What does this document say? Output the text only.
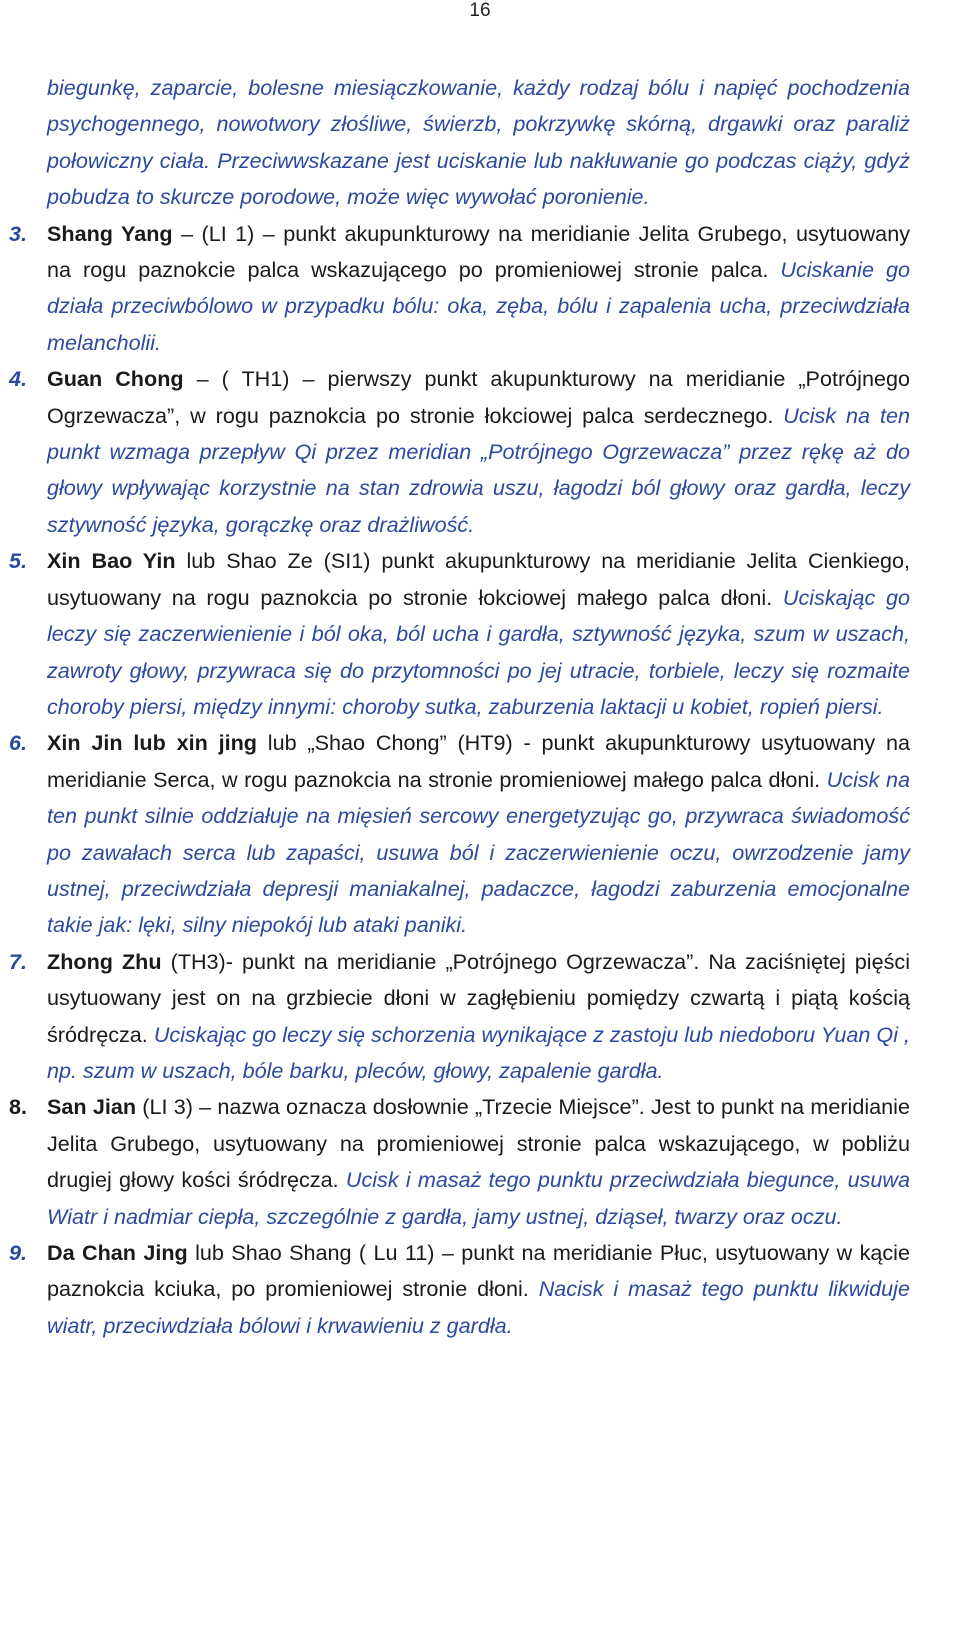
16

biegunkę, zaparcie, bolesne miesiączkowanie, każdy rodzaj bólu i napięć pochodzenia psychogennego, nowotwory złośliwe, świerzb, pokrzywkę skórną, drgawki oraz paraliż połowiczny ciała. Przeciwwskazane jest uciskanie lub nakłuwanie go podczas ciąży, gdyż pobudza to skurcze porodowe, może więc wywołać poronienie.

3. Shang Yang – (LI 1) – punkt akupunkturowy na meridianie Jelita Grubego, usytuowany na rogu paznokcie palca wskazującego po promieniowej stronie palca. Uciskanie go działa przeciwbólowo w przypadku bólu: oka, zęba, bólu i zapalenia ucha, przeciwdziała melancholii.

4. Guan Chong – ( TH1) – pierwszy punkt akupunkturowy na meridianie „Potrójnego Ogrzewacza”, w rogu paznokcia po stronie łokciowej palca serdecznego. Ucisk na ten punkt wzmaga przepływ Qi przez meridian „Potrójnego Ogrzewacza” przez rękę aż do głowy wpływając korzystnie na stan zdrowia uszu, łagodzi ból głowy oraz gardła, leczy sztywność języka, gorączkę oraz drażliwość.

5. Xin Bao Yin lub Shao Ze (SI1) punkt akupunkturowy na meridianie Jelita Cienkiego, usytuowany na rogu paznokcia po stronie łokciowej małego palca dłoni. Uciskając go leczy się zaczerwienienie i ból oka, ból ucha i gardła, sztywność języka, szum w uszach, zawroty głowy, przywraca się do przytomności po jej utracie, torbiele, leczy się rozmaite choroby piersi, między innymi: choroby sutka, zaburzenia laktacji u kobiet, ropień piersi.

6. Xin Jin lub xin jing lub „Shao Chong” (HT9) - punkt akupunkturowy usytuowany na meridianie Serca, w rogu paznokcia na stronie promieniowej małego palca dłoni. Ucisk na ten punkt silnie oddziałuje na mięsień sercowy energetyzując go, przywraca świadomość po zawałach serca lub zapaści, usuwa ból i zaczerwienienie oczu, owrzodzenie jamy ustnej, przeciwdziała depresji maniakalnej, padaczce, łagodzi zaburzenia emocjonalne takie jak: lęki, silny niepokój lub ataki paniki.

7. Zhong Zhu (TH3)- punkt na meridianie „Potrójnego Ogrzewacza”. Na zaciśniętej pięści usytuowany jest on na grzbiecie dłoni w zagłębieniu pomiędzy czwartą i piątą kością śródręcza. Uciskając go leczy się schorzenia wynikające z zastoju lub niedoboru Yuan Qi , np. szum w uszach, bóle barku, pleców, głowy, zapalenie gardła.

8. San Jian (LI 3) – nazwa oznacza dosłownie „Trzecie Miejsce”. Jest to punkt na meridianie Jelita Grubego, usytuowany na promieniowej stronie palca wskazującego, w pobliżu drugiej głowy kości śródręcza. Ucisk i masaż tego punktu przeciwdziała biegunce, usuwa Wiatr i nadmiar ciepła, szczególnie z gardła, jamy ustnej, dziąseł, twarzy oraz oczu.

9. Da Chan Jing lub Shao Shang ( Lu 11) – punkt na meridianie Płuc, usytuowany w kącie paznokcia kciuka, po promieniowej stronie dłoni. Nacisk i masaż tego punktu likwiduje wiatr, przeciwdziała bólowi i krwawieniu z gardła.
